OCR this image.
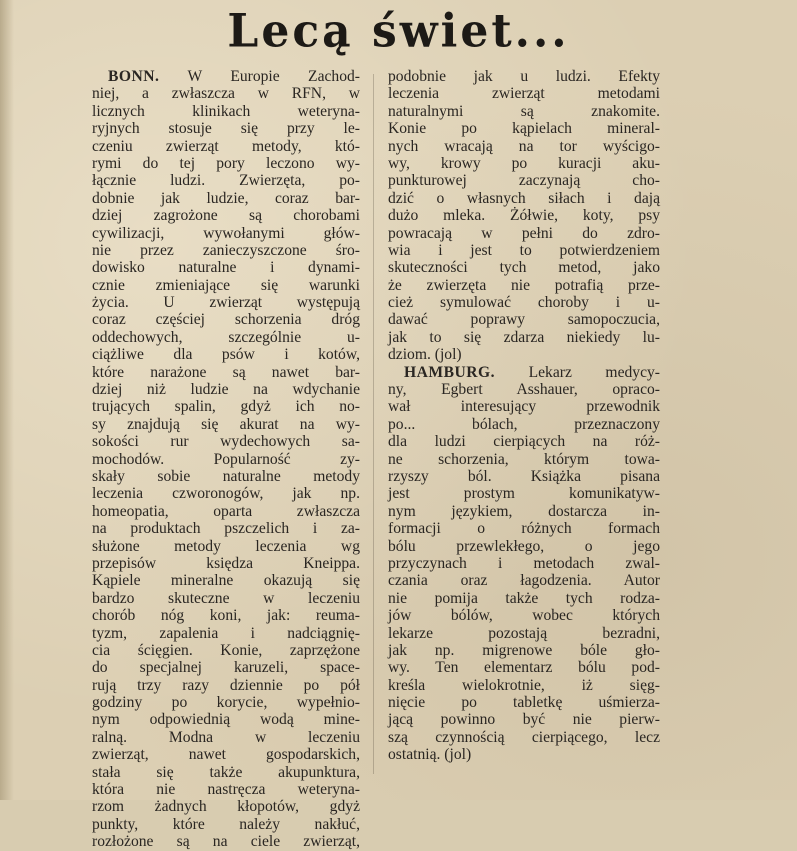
Lecą świet...
BONN. W Europie Zachod-
niej, a zwłaszcza w RFN, w
licznych klinikach weteryna-
ryjnych stosuje się przy le-
czeniu zwierząt metody, któ-
rymi do tej pory leczono wy-
łącznie ludzi. Zwierzęta, po-
dobnie jak ludzie, coraz bar-
dziej zagrożone są chorobami
cywilizacji, wywołanymi głów-
nie przez zanieczyszczone śro-
dowisko naturalne i dynami-
cznie zmieniające się warunki
życia. U zwierząt występują
coraz częściej schorzenia dróg
oddechowych, szczególnie u-
ciążliwe dla psów i kotów,
które narażone są nawet bar-
dziej niż ludzie na wdychanie
trujących spalin, gdyż ich no-
sy znajdują się akurat na wy-
sokości rur wydechowych sa-
mochodów. Popularność zy-
skały sobie naturalne metody
leczenia czworonogów, jak np.
homeopatia, oparta zwłaszcza
na produktach pszczelich i za-
służone metody leczenia wg
przepisów księdza Kneippa.
Kąpiele mineralne okazują się
bardzo skuteczne w leczeniu
chorób nóg koni, jak: reuma-
tyzm, zapalenia i nadciągnię-
cia ścięgien. Konie, zaprzężone
do specjalnej karuzeli, space-
rują trzy razy dziennie po pół
godziny po korycie, wypełnio-
nym odpowiednią wodą mine-
ralną. Modna w leczeniu
zwierząt, nawet gospodarskich,
stała się także akupunktura,
która nie nastręcza weteryna-
rzom żadnych kłopotów, gdyż
punkty, które należy nakłuć,
rozłożone są na ciele zwierząt,
podobnie jak u ludzi. Efekty
leczenia zwierząt metodami
naturalnymi są znakomite.
Konie po kąpielach mineral-
nych wracają na tor wyścigo-
wy, krowy po kuracji aku-
punkturowej zaczynają cho-
dzić o własnych siłach i dają
dużo mleka. Żółwie, koty, psy
powracają w pełni do zdro-
wia i jest to potwierdzeniem
skuteczności tych metod, jako
że zwierzęta nie potrafią prze-
cież symulować choroby i u-
dawać poprawy samopoczucia,
jak to się zdarza niekiedy lu-
dziom. (jol)
HAMBURG. Lekarz medycy-
ny, Egbert Asshauer, opraco-
wał interesujący przewodnik
po... bólach, przeznaczony
dla ludzi cierpiących na róż-
ne schorzenia, którym towa-
rzyszy ból. Książka pisana
jest prostym komunikatyw-
nym językiem, dostarcza in-
formacji o różnych formach
bólu przewlekłego, o jego
przyczynach i metodach zwal-
czania oraz łagodzenia. Autor
nie pomija także tych rodza-
jów bólów, wobec których
lekarze pozostają bezradni,
jak np. migrenowe bóle gło-
wy. Ten elementarz bólu pod-
kreśla wielokrotnie, iż sięg-
nięcie po tabletkę uśmierza-
jącą powinno być nie pierw-
szą czynnością cierpiącego, lecz
ostatnią. (jol)
